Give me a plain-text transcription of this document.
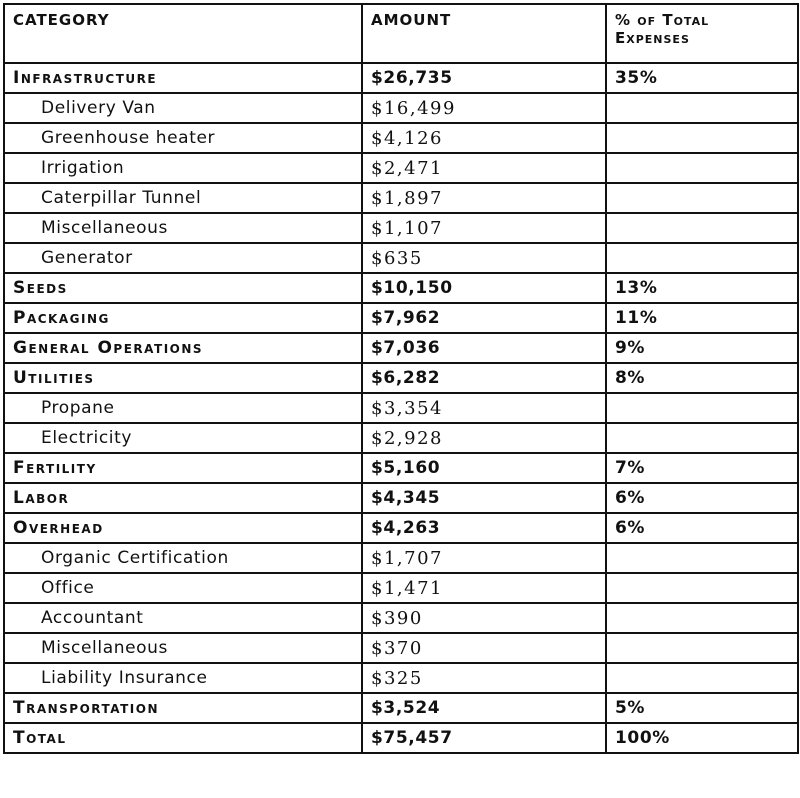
CATEGORY	AMOUNT	% of Total Expenses

Infrastructure	$26,735	35%
Delivery Van	$16,499	
Greenhouse heater	$4,126	
Irrigation	$2,471	
Caterpillar Tunnel	$1,897	
Miscellaneous	$1,107	
Generator	$635	
Seeds	$10,150	13%
Packaging	$7,962	11%
General Operations	$7,036	9%
Utilities	$6,282	8%
Propane	$3,354	
Electricity	$2,928	
Fertility	$5,160	7%
Labor	$4,345	6%
Overhead	$4,263	6%
Organic Certification	$1,707	
Office	$1,471	
Accountant	$390	
Miscellaneous	$370	
Liability Insurance	$325	
Transportation	$3,524	5%
Total	$75,457	100%
